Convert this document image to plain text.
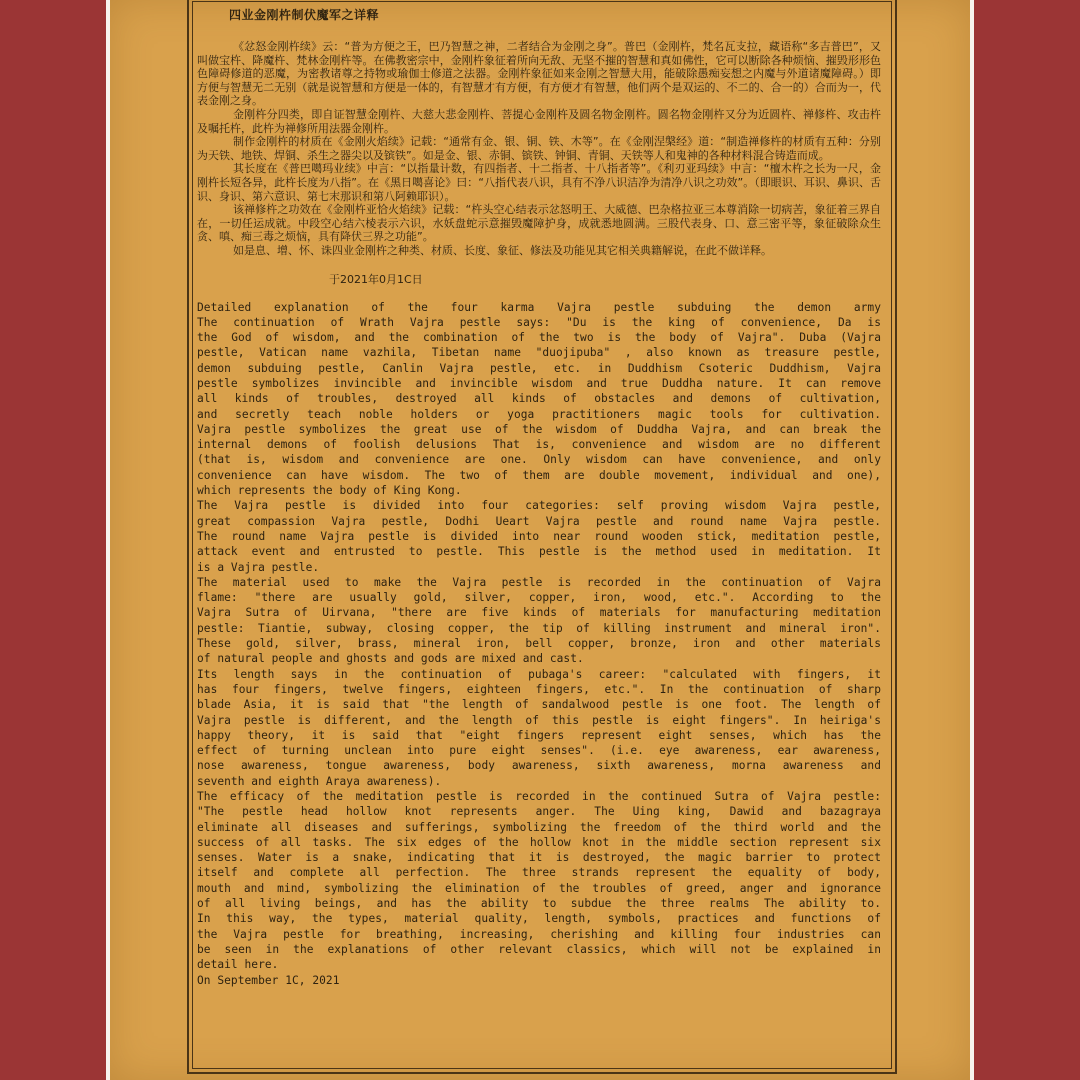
四业金刚杵制伏魔军之详释

《忿怒金刚杵续》云：“普为方便之王，巴乃智慧之神，二者结合为金刚之身”。普巴（金刚杵，梵名瓦支拉，藏语称“多吉普巴”，又叫做宝杵、降魔杵、梵林金刚杵等。在佛教密宗中，金刚杵象征着所向无敌、无坚不摧的智慧和真如佛性，它可以断除各种烦恼、摧毁形形色色障碍修道的恶魔，为密教诸尊之持物或瑜伽士修道之法器。金刚杵象征如来金刚之智慧大用，能破除愚痴妄想之内魔与外道诸魔障碍。）即方便与智慧无二无别（就是说智慧和方便是一体的，有智慧才有方便，有方便才有智慧，他们两个是双运的、不二的、合一的）合而为一，代表金刚之身。

金刚杵分四类，即自证智慧金刚杵、大慈大悲金刚杵、菩提心金刚杵及圆名物金刚杵。圆名物金刚杵又分为近圆杵、禅修杵、攻击杵及嘱托杵，此杵为禅修所用法器金刚杵。

制作金刚杵的材质在《金刚火焰续》记载：“通常有金、银、铜、铁、木等”。在《金刚涅槃经》道：“制造禅修杵的材质有五种：分别为天铁、地铁、焊铜、杀生之器尖以及镔铁”。如是金、银、赤铜、镔铁、钟铜、青铜、天铁等人和鬼神的各种材料混合铸造而成。

其长度在《普巴噶玛业续》中言：“以指量计数，有四指者、十二指者、十八指者等”。《利刃亚玛续》中言：“檀木杵之长为一尺，金刚杵长短各异，此杵长度为八指”。在《黑日噶喜论》曰：“八指代表八识，具有不净八识洁净为清净八识之功效”。（即眼识、耳识、鼻识、舌识、身识、第六意识、第七末那识和第八阿赖耶识）。

该禅修杵之功效在《金刚杵亚恰火焰续》记载：“杵头空心结表示忿怒明王、大威德、巴杂格拉亚三本尊消除一切病苦，象征着三界自在，一切任运成就。中段空心结六棱表示六识，水妖盘蛇示意摧毁魔障护身，成就悉地圆满。三股代表身、口、意三密平等，象征破除众生贪、嗔、痴三毒之烦恼，具有降伏三界之功能”。

如是息、增、怀、诛四业金刚杵之种类、材质、长度、象征、修法及功能见其它相关典籍解说，在此不做详释。

于2021年0月1C日

Detailed explanation of the four karma Vajra pestle subduing the demon army

The continuation of Wrath Vajra pestle says: "Du is the king of convenience, Da is

the God of wisdom, and the combination of the two is the body of Vajra". Duba (Vajra

pestle, Vatican name vazhila, Tibetan name "duojipuba" , also known as treasure pestle,

demon subduing pestle, Canlin Vajra pestle, etc. in Duddhism Csoteric Duddhism, Vajra

pestle symbolizes invincible and invincible wisdom and true Duddha nature. It can remove

all kinds of troubles, destroyed all kinds of obstacles and demons of cultivation,

and secretly teach noble holders or yoga practitioners magic tools for cultivation.

Vajra pestle symbolizes the great use of the wisdom of Duddha Vajra, and can break the

internal demons of foolish delusions That is, convenience and wisdom are no different

(that is, wisdom and convenience are one. Only wisdom can have convenience, and only

convenience can have wisdom. The two of them are double movement, individual and one),

which represents the body of King Kong.

The Vajra pestle is divided into four categories: self proving wisdom Vajra pestle,

great compassion Vajra pestle, Dodhi Ueart Vajra pestle and round name Vajra pestle.

The round name Vajra pestle is divided into near round wooden stick, meditation pestle,

attack event and entrusted to pestle. This pestle is the method used in meditation. It

is a Vajra pestle.

The material used to make the Vajra pestle is recorded in the continuation of Vajra

flame: "there are usually gold, silver, copper, iron, wood, etc.". According to the

Vajra Sutra of Uirvana, "there are five kinds of materials for manufacturing meditation

pestle: Tiantie, subway, closing copper, the tip of killing instrument and mineral iron".

These gold, silver, brass, mineral iron, bell copper, bronze, iron and other materials

of natural people and ghosts and gods are mixed and cast.

Its length says in the continuation of pubaga's career: "calculated with fingers, it

has four fingers, twelve fingers, eighteen fingers, etc.". In the continuation of sharp

blade Asia, it is said that "the length of sandalwood pestle is one foot. The length of

Vajra pestle is different, and the length of this pestle is eight fingers". In heiriga's

happy theory, it is said that "eight fingers represent eight senses, which has the

effect of turning unclean into pure eight senses". (i.e. eye awareness, ear awareness,

nose awareness, tongue awareness, body awareness, sixth awareness, morna awareness and

seventh and eighth Araya awareness).

The efficacy of the meditation pestle is recorded in the continued Sutra of Vajra pestle:

"The pestle head hollow knot represents anger. The Uing king, Dawid and bazagraya

eliminate all diseases and sufferings, symbolizing the freedom of the third world and the

success of all tasks. The six edges of the hollow knot in the middle section represent six

senses. Water is a snake, indicating that it is destroyed, the magic barrier to protect

itself and complete all perfection. The three strands represent the equality of body,

mouth and mind, symbolizing the elimination of the troubles of greed, anger and ignorance

of all living beings, and has the ability to subdue the three realms The ability to.

In this way, the types, material quality, length, symbols, practices and functions of

the Vajra pestle for breathing, increasing, cherishing and killing four industries can

be seen in the explanations of other relevant classics, which will not be explained in

detail here.

On September 1C, 2021
